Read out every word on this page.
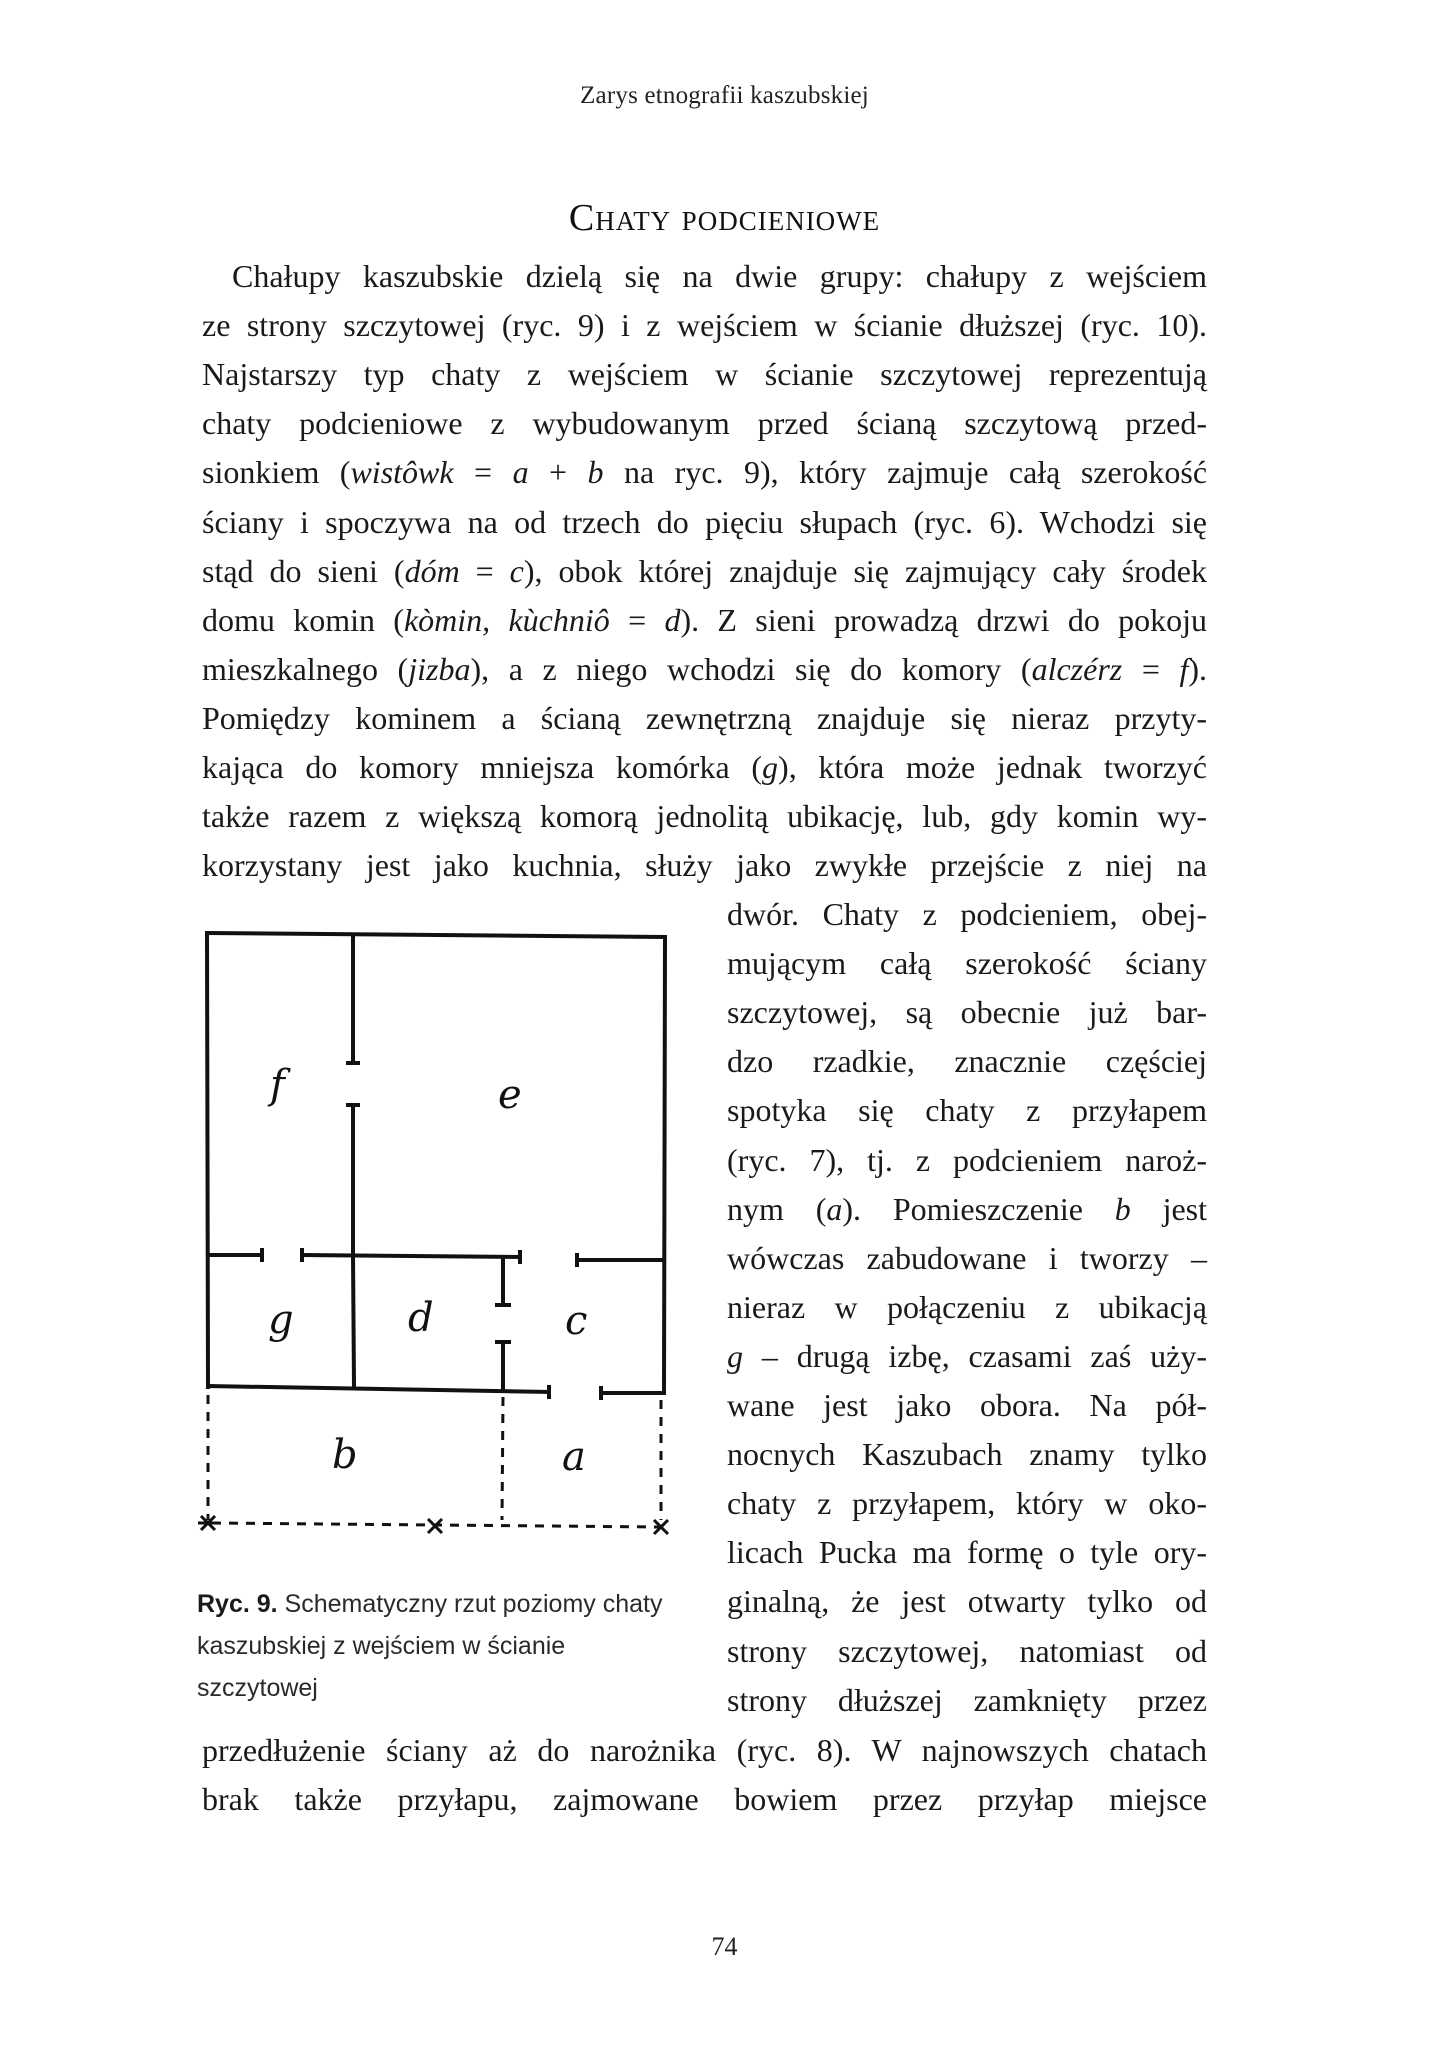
Zarys etnografii kaszubskiej
Chaty podcieniowe
Chałupy kaszubskie dzielą się na dwie grupy: chałupy z wejściem
ze strony szczytowej (ryc. 9) i z wejściem w ścianie dłuższej (ryc. 10).
Najstarszy typ chaty z wejściem w ścianie szczytowej reprezentują
chaty podcieniowe z wybudowanym przed ścianą szczytową przed-
sionkiem (wistôwk = a + b na ryc. 9), który zajmuje całą szerokość
ściany i spoczywa na od trzech do pięciu słupach (ryc. 6). Wchodzi się
stąd do sieni (dóm = c), obok której znajduje się zajmujący cały środek
domu komin (kòmin, kùchniô = d). Z sieni prowadzą drzwi do pokoju
mieszkalnego (jizba), a z niego wchodzi się do komory (alczérz = f).
Pomiędzy kominem a ścianą zewnętrzną znajduje się nieraz przyty-
kająca do komory mniejsza komórka (g), która może jednak tworzyć
także razem z większą komorą jednolitą ubikację, lub, gdy komin wy-
korzystany jest jako kuchnia, służy jako zwykłe przejście z niej na
dwór. Chaty z podcieniem, obej-
mującym całą szerokość ściany
szczytowej, są obecnie już bar-
dzo rzadkie, znacznie częściej
spotyka się chaty z przyłapem
(ryc. 7), tj. z podcieniem naroż-
nym (a). Pomieszczenie b jest
wówczas zabudowane i tworzy –
nieraz w połączeniu z ubikacją
g – drugą izbę, czasami zaś uży-
wane jest jako obora. Na pół-
nocnych Kaszubach znamy tylko
chaty z przyłapem, który w oko-
licach Pucka ma formę o tyle ory-
ginalną, że jest otwarty tylko od
strony szczytowej, natomiast od
strony dłuższej zamknięty przez
przedłużenie ściany aż do narożnika (ryc. 8). W najnowszych chatach
brak także przyłapu, zajmowane bowiem przez przyłap miejsce
f	e
g	d	c
b	a
Ryc. 9. Schematyczny rzut poziomy chaty
kaszubskiej z wejściem w ścianie
szczytowej
74
